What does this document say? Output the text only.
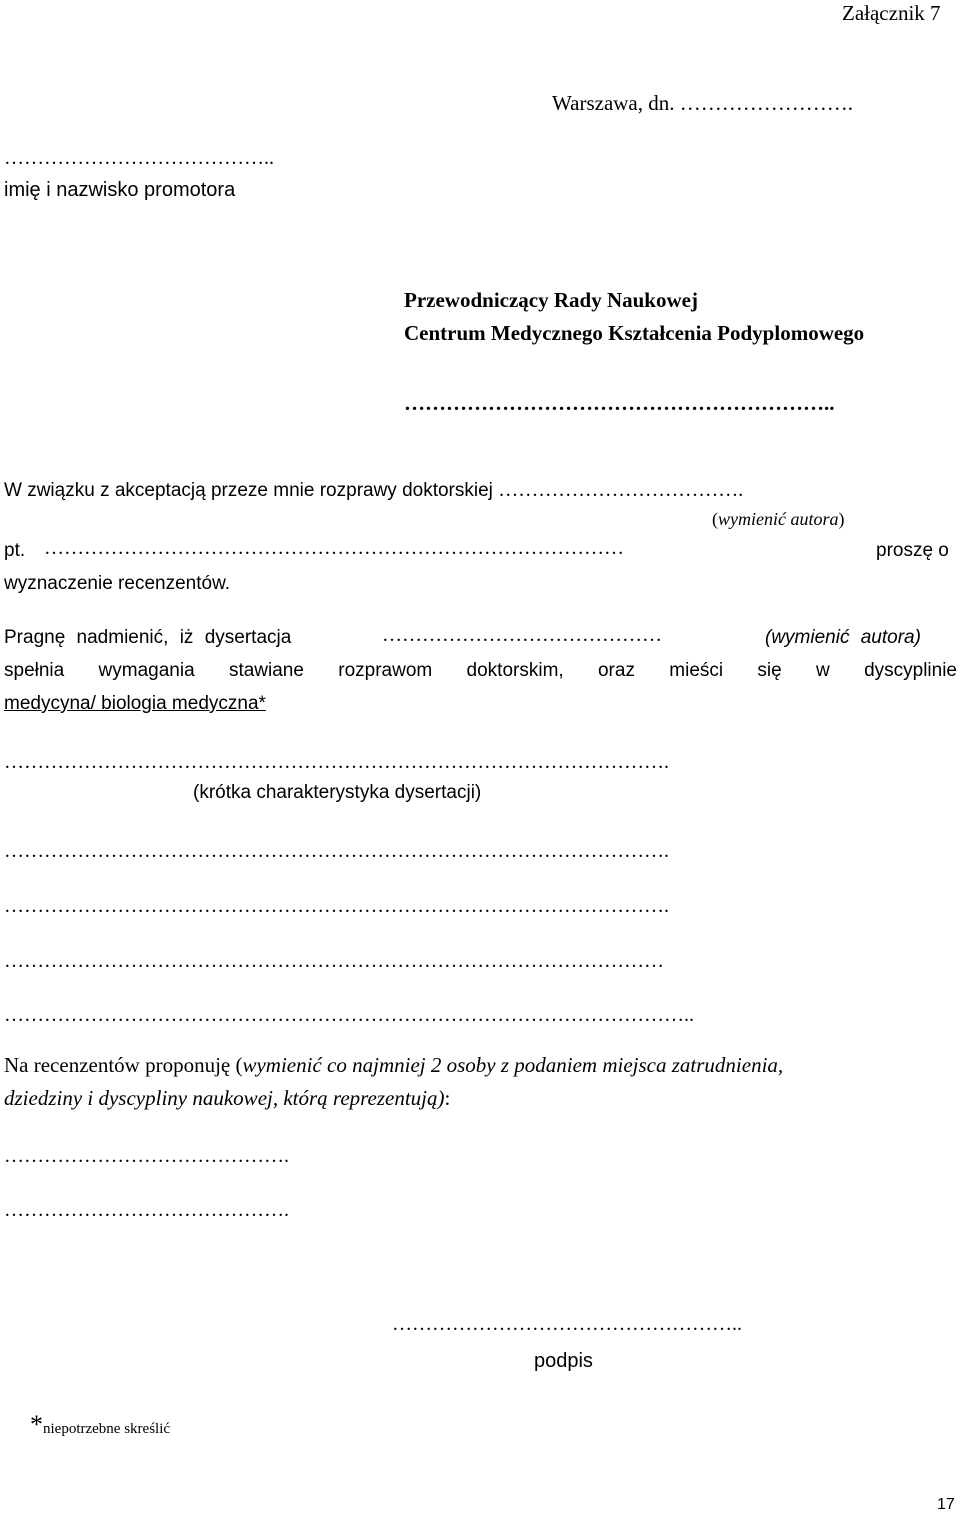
Załącznik 7
Warszawa, dn. …………………….
…………………………………..
imię i nazwisko promotora
Przewodniczący Rady Naukowej
Centrum Medycznego Kształcenia Podyplomowego
……………………………………………………..
W związku z akceptacją przeze mnie rozprawy doktorskiej ……………………………….
(wymienić autora)
pt. ……………………………………………………………………………	proszę o
wyznaczenie recenzentów.
Pragnę nadmienić, iż dysertacja	……………………………………	(wymienić autora)
spełnia wymagania stawiane rozprawom doktorskim, oraz mieści się w dyscyplinie
medycyna/ biologia medyczna*
……………………………………………………………………………………….
(krótka charakterystyka dysertacji)
……………………………………………………………………………………….
……………………………………………………………………………………….
………………………………………………………………………………………
…………………………………………………………………………………………..
Na recenzentów proponuję (wymienić co najmniej 2 osoby z podaniem miejsca zatrudnienia,
dziedziny i dyscypliny naukowej, którą reprezentują):
…………………………………….
…………………………………….
……………………………………………..
podpis
*niepotrzebne skreślić
17
